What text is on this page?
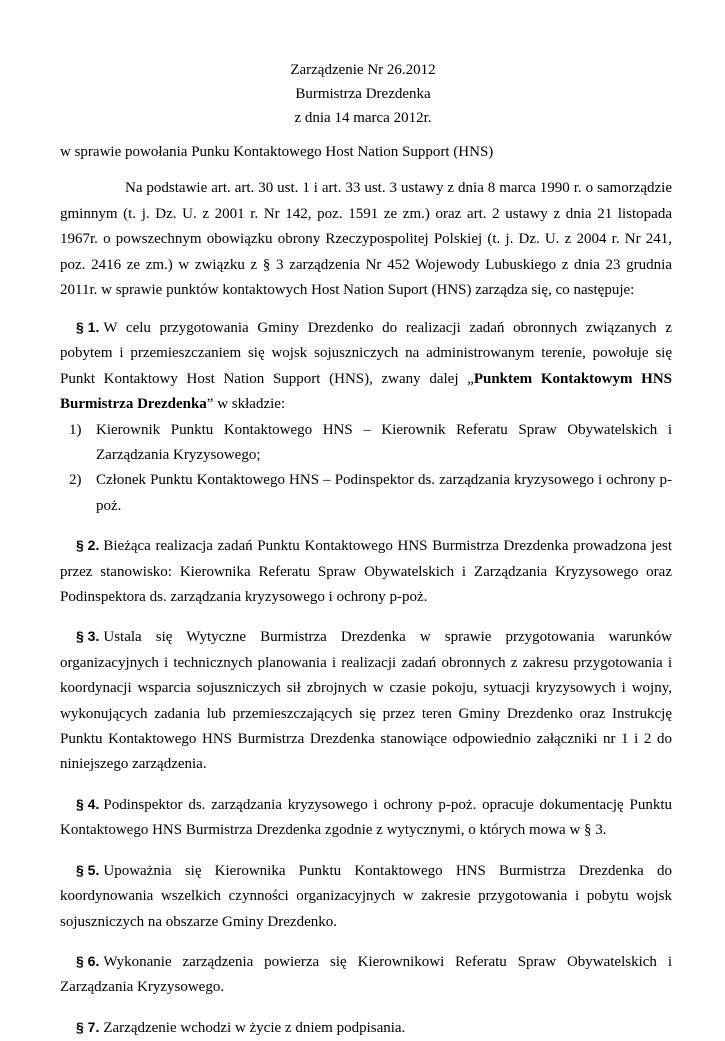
Zarządzenie Nr 26.2012
Burmistrza Drezdenka
z dnia 14 marca 2012r.
w sprawie powołania Punku Kontaktowego Host Nation Support (HNS)
Na podstawie art. art. 30 ust. 1 i art. 33 ust. 3 ustawy z dnia 8 marca 1990 r. o samorządzie gminnym (t. j. Dz. U. z 2001 r. Nr 142, poz. 1591 ze zm.) oraz art. 2 ustawy z dnia 21 listopada 1967r. o powszechnym obowiązku obrony Rzeczypospolitej Polskiej (t. j. Dz. U. z 2004 r. Nr 241, poz. 2416 ze zm.) w związku z § 3 zarządzenia Nr 452 Wojewody Lubuskiego z dnia 23 grudnia 2011r. w sprawie punktów kontaktowych Host Nation Suport (HNS) zarządza się, co następuje:
§ 1. W celu przygotowania Gminy Drezdenko do realizacji zadań obronnych związanych z pobytem i przemieszczaniem się wojsk sojuszniczych na administrowanym terenie, powołuje się Punkt Kontaktowy Host Nation Support (HNS), zwany dalej „Punktem Kontaktowym HNS Burmistrza Drezdenka” w składzie:
1) Kierownik Punktu Kontaktowego HNS – Kierownik Referatu Spraw Obywatelskich i Zarządzania Kryzysowego;
2) Członek Punktu Kontaktowego HNS – Podinspektor ds. zarządzania kryzysowego i ochrony p-poż.
§ 2. Bieżąca realizacja zadań Punktu Kontaktowego HNS Burmistrza Drezdenka prowadzona jest przez stanowisko: Kierownika Referatu Spraw Obywatelskich i Zarządzania Kryzysowego oraz Podinspektora ds. zarządzania kryzysowego i ochrony p-poż.
§ 3. Ustala się Wytyczne Burmistrza Drezdenka w sprawie przygotowania warunków organizacyjnych i technicznych planowania i realizacji zadań obronnych z zakresu przygotowania i koordynacji wsparcia sojuszniczych sił zbrojnych w czasie pokoju, sytuacji kryzysowych i wojny, wykonujących zadania lub przemieszczających się przez teren Gminy Drezdenko oraz Instrukcję Punktu Kontaktowego HNS Burmistrza Drezdenka stanowiące odpowiednio załączniki nr 1 i 2 do niniejszego zarządzenia.
§ 4. Podinspektor ds. zarządzania kryzysowego i ochrony p-poż. opracuje dokumentację Punktu Kontaktowego HNS Burmistrza Drezdenka zgodnie z wytycznymi, o których mowa w § 3.
§ 5. Upoważnia się Kierownika Punktu Kontaktowego HNS Burmistrza Drezdenka do koordynowania wszelkich czynności organizacyjnych w zakresie przygotowania i pobytu wojsk sojuszniczych na obszarze Gminy Drezdenko.
§ 6. Wykonanie zarządzenia powierza się Kierownikowi Referatu Spraw Obywatelskich i Zarządzania Kryzysowego.
§ 7. Zarządzenie wchodzi w życie z dniem podpisania.
